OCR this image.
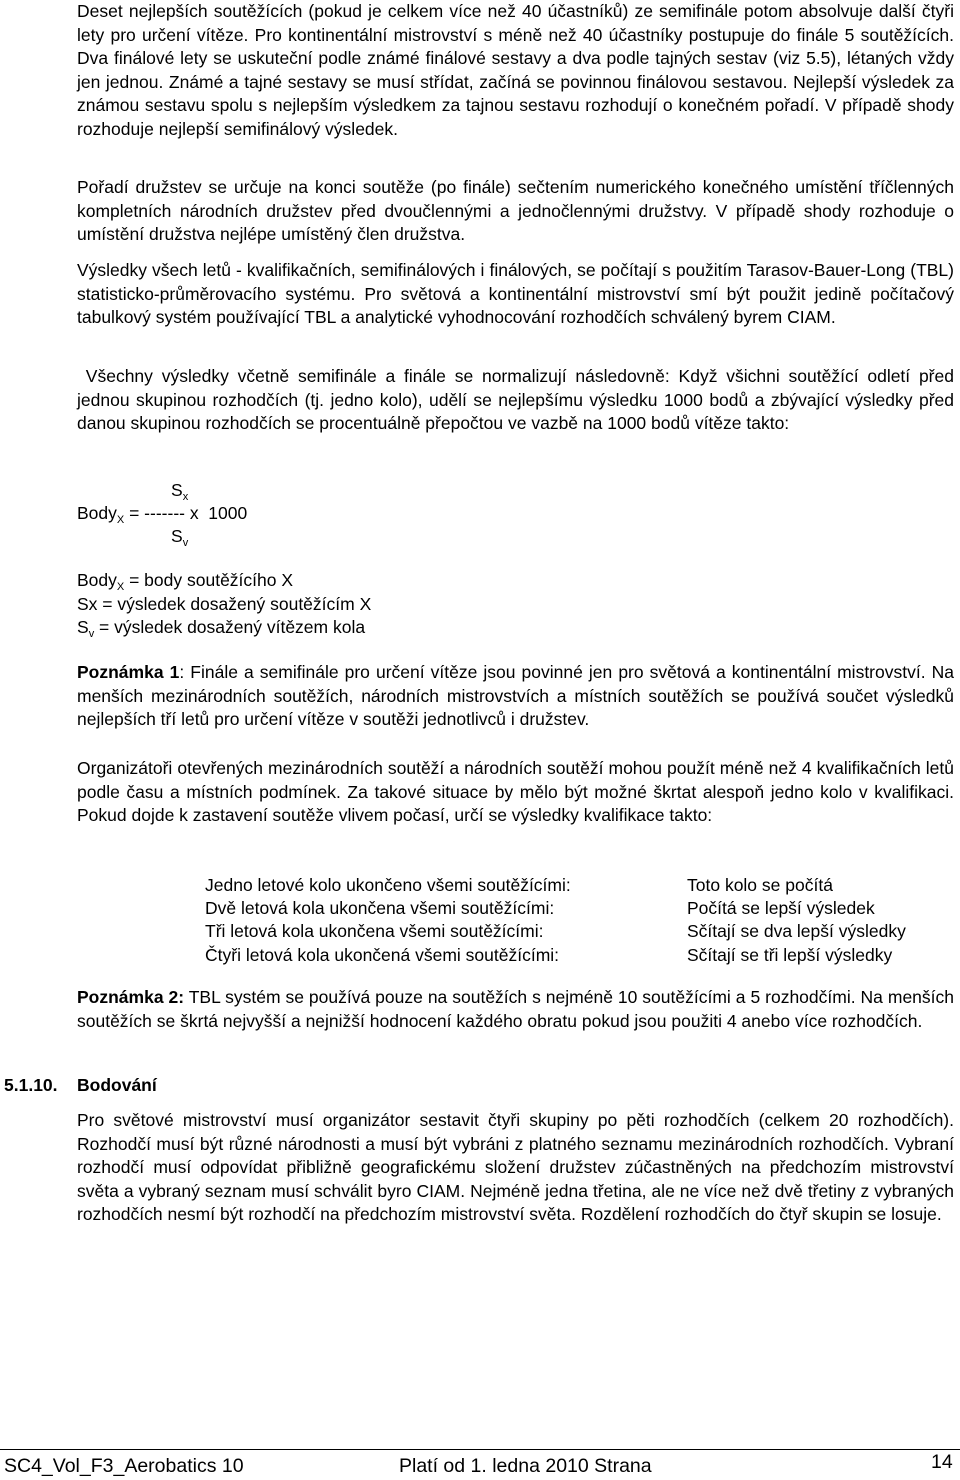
Deset nejlepších soutěžících (pokud je celkem více než 40 účastníků) ze semifinále potom absolvuje další čtyři lety pro určení vítěze. Pro kontinentální mistrovství s méně než 40 účastníky postupuje do finále 5 soutěžících. Dva finálové lety se uskuteční podle známé finálové sestavy a dva podle tajných sestav (viz 5.5), létaných vždy jen jednou. Známé a tajné sestavy se musí střídat, začíná se povinnou finálovou sestavou. Nejlepší výsledek za známou sestavu spolu s nejlepším výsledkem za tajnou sestavu rozhodují o konečném pořadí. V případě shody rozhoduje nejlepší semifinálový výsledek.

Pořadí družstev se určuje na konci soutěže (po finále) sečtením numerického konečného umístění tříčlenných kompletních národních družstev před dvoučlennými a jednočlennými družstvy. V případě shody rozhoduje o umístění družstva nejlépe umístěný člen družstva.

Výsledky všech letů - kvalifikačních, semifinálových i finálových, se počítají s použitím Tarasov-Bauer-Long (TBL) statisticko-průměrovacího systému. Pro světová a kontinentální mistrovství smí být použit jedině počítačový tabulkový systém používající TBL a analytické vyhodnocování rozhodčích schválený byrem CIAM.

Všechny výsledky včetně semifinále a finále se normalizují následovně: Když všichni soutěžící odletí před jednou skupinou rozhodčích (tj. jedno kolo), udělí se nejlepšímu výsledku 1000 bodů a zbývající výsledky před danou skupinou rozhodčích se procentuálně přepočtou ve vazbě na 1000 bodů vítěze takto:

$S_x$

Body$_X$ = ------- x  1000

$S_v$

Body$_X$ = body soutěžícího X
Sx = výsledek dosažený soutěžícím X
$S_v$ = výsledek dosažený vítězem kola

Poznámka 1: Finále a semifinále pro určení vítěze jsou povinné jen pro světová a kontinentální mistrovství. Na menších mezinárodních soutěžích, národních mistrovstvích a místních soutěžích se používá součet výsledků nejlepších tří letů pro určení vítěze v soutěži jednotlivců i družstev.

Organizátoři otevřených mezinárodních soutěží a národních soutěží mohou použít méně než 4 kvalifikačních letů podle času a místních podmínek. Za takové situace by mělo být možné škrtat alespoň jedno kolo v kvalifikaci. Pokud dojde k zastavení soutěže vlivem počasí, určí se výsledky kvalifikace takto:

Jedno letové kolo ukončeno všemi soutěžícími:	Toto kolo se počítá
Dvě letová kola ukončena všemi soutěžícími:	Počítá se lepší výsledek
Tři letová kola ukončena všemi soutěžícími:	Sčítají se dva lepší výsledky
Čtyři letová kola ukončená všemi soutěžícími:	Sčítají se tři lepší výsledky

Poznámka 2: TBL systém se používá pouze na soutěžích s nejméně 10 soutěžícími a 5 rozhodčími. Na menších soutěžích se škrtá nejvyšší a nejnižší hodnocení každého obratu pokud jsou použiti 4 anebo více rozhodčích.

5.1.10. Bodování

Pro světové mistrovství musí organizátor sestavit čtyři skupiny po pěti rozhodčích (celkem 20 rozhodčích). Rozhodčí musí být různé národnosti a musí být vybráni z platného seznamu mezinárodních rozhodčích. Vybraní rozhodčí musí odpovídat přibližně geografickému složení družstev zúčastněných na předchozím mistrovství světa a vybraný seznam musí schválit byro CIAM. Nejméně jedna třetina, ale ne více než dvě třetiny z vybraných rozhodčích nesmí být rozhodčí na předchozím mistrovství světa. Rozdělení rozhodčích do čtyř skupin se losuje.

SC4_Vol_F3_Aerobatics 10	Platí od 1. ledna 2010 Strana	14
